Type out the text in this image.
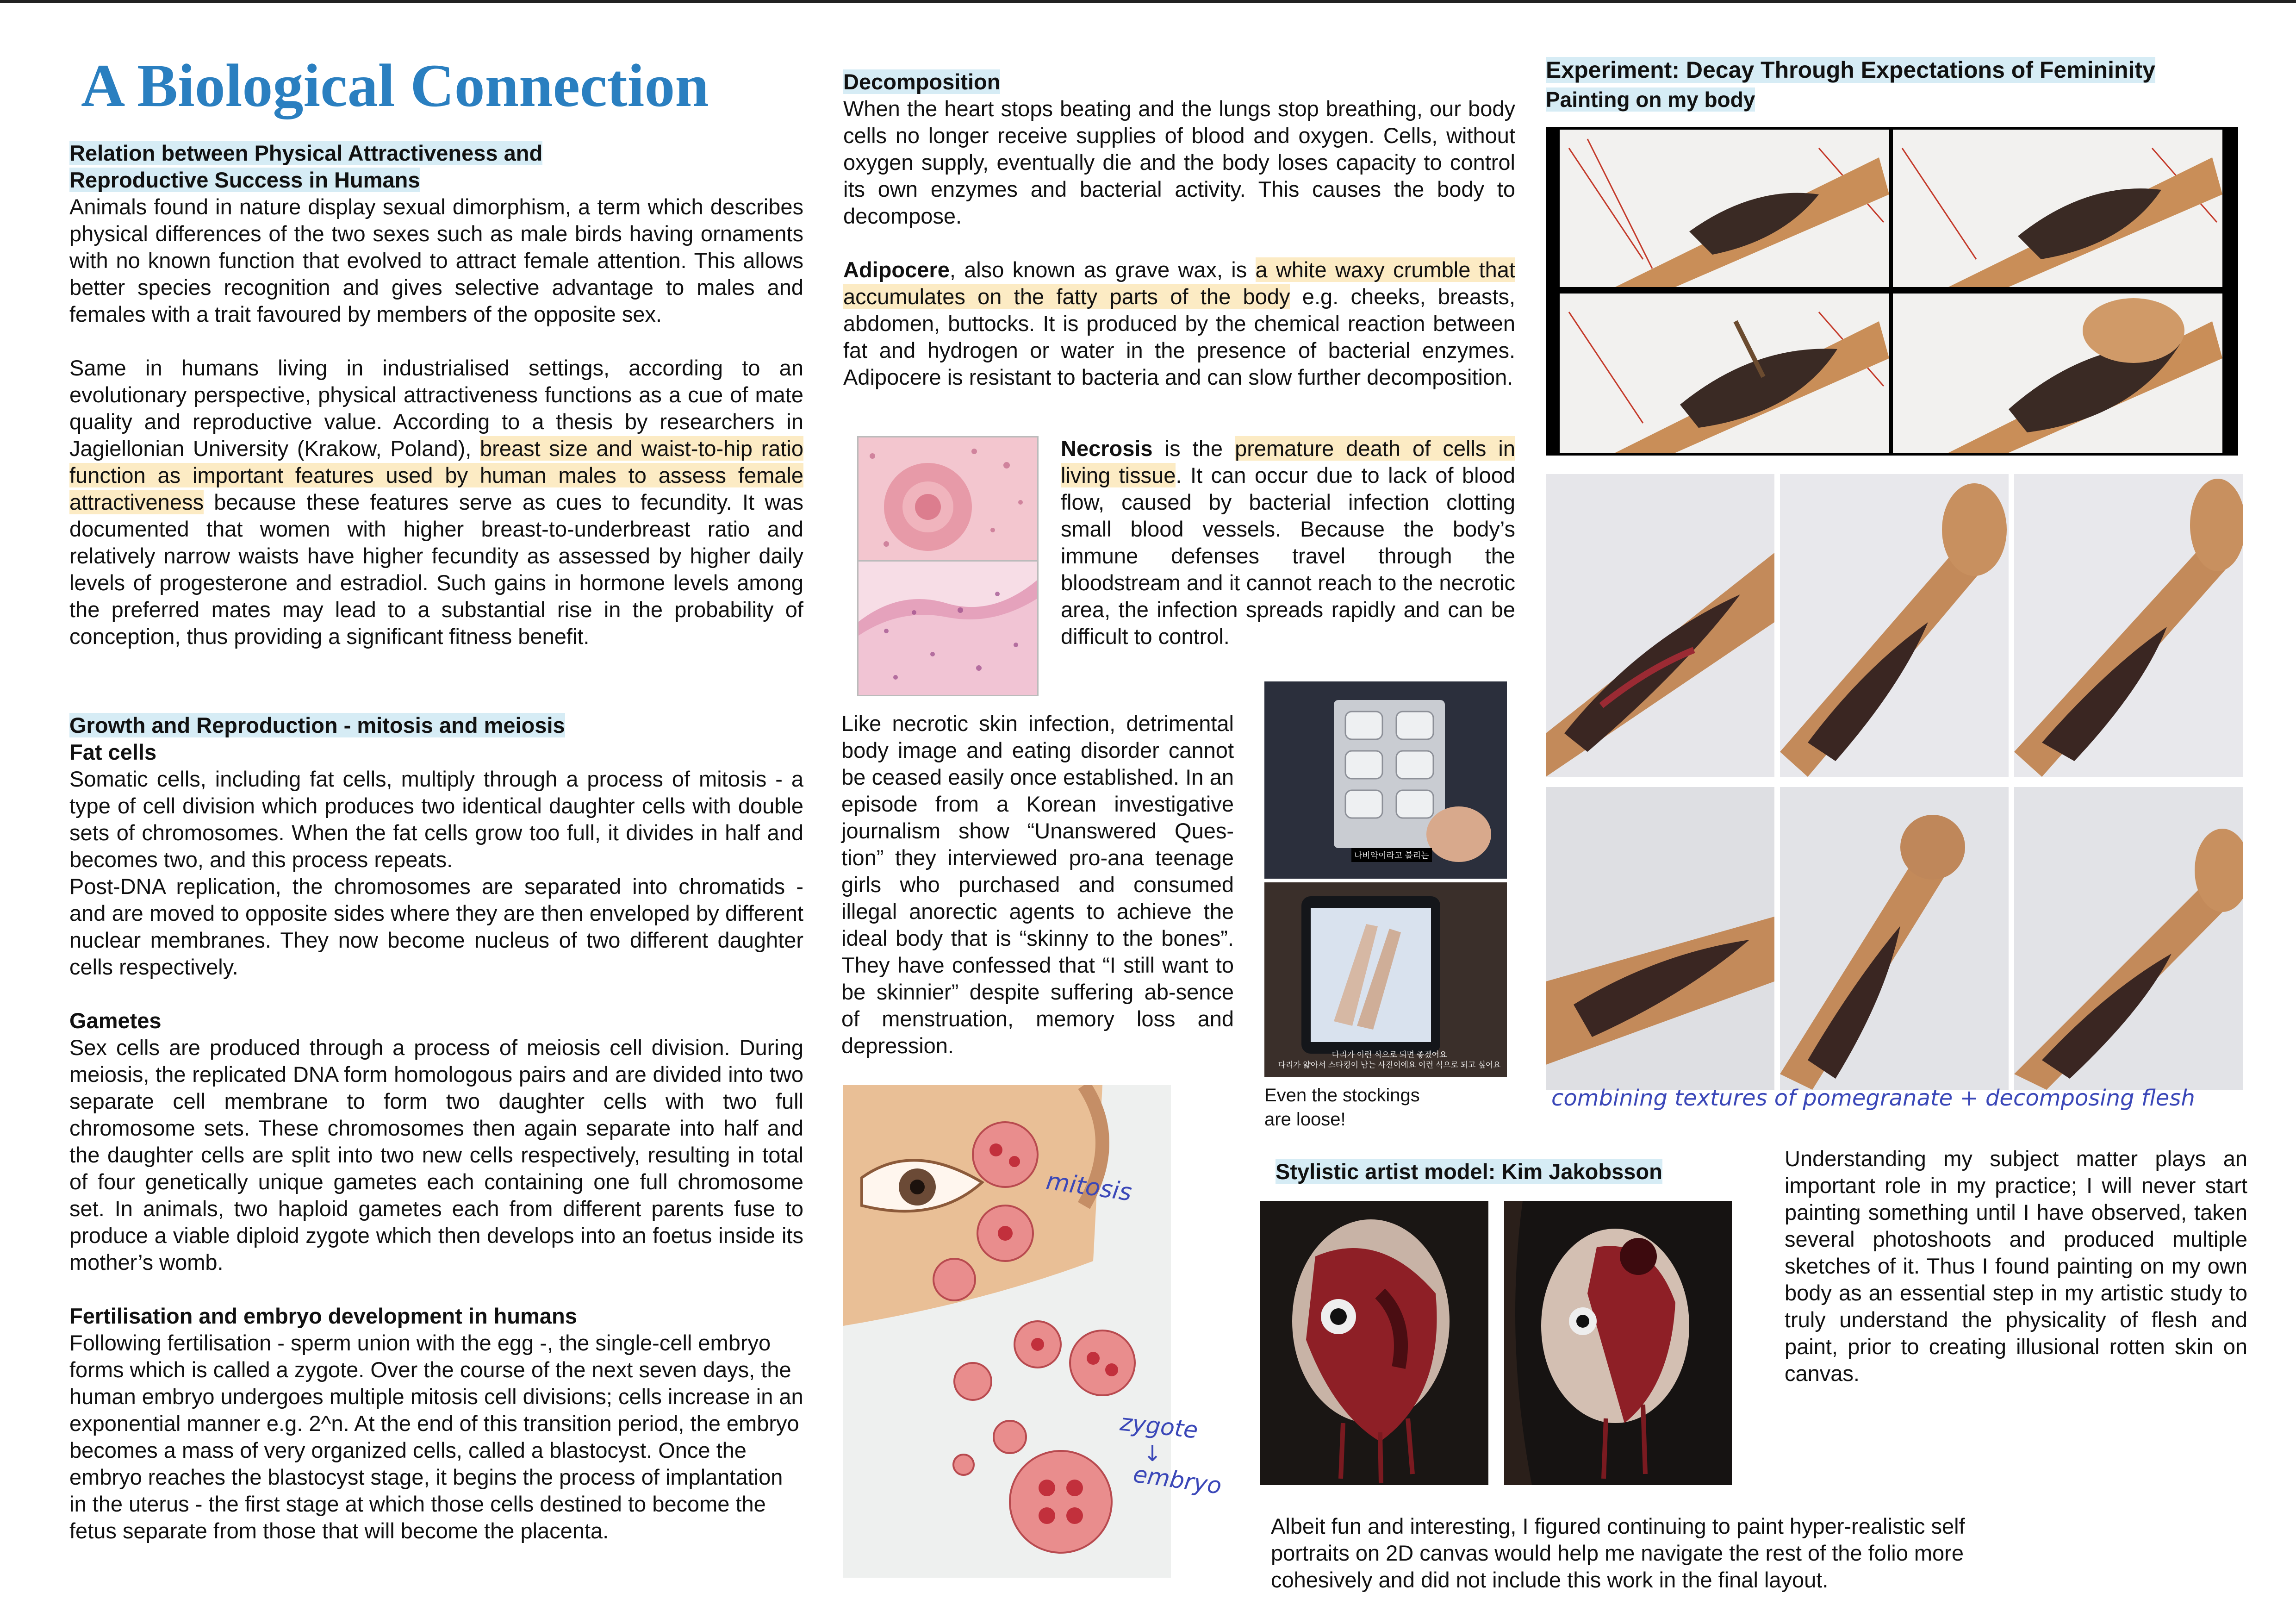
A Biological Connection
Relation between Physical Attractiveness and
Reproductive Success in Humans

Animals found in nature display sexual dimorphism, a term which describes physical differences of the two sexes such as male birds having ornaments with no known function that evolved to attract female attention. This allows better species recognition and gives selective advantage to males and females with a trait favoured by members of the opposite sex.

Same in humans living in industrialised settings, according to an evolutionary perspective, physical attractiveness functions as a cue of mate quality and reproductive value. According to a thesis by researchers in Jagiellonian University (Krakow, Poland), breast size and waist-to-hip ratio function as important features used by human males to assess female attractiveness because these features serve as cues to fecundity. It was documented that women with higher breast-to-underbreast ratio and relatively narrow waists have higher fecundity as assessed by higher daily levels of progesterone and estradiol. Such gains in hormone levels among the preferred mates may lead to a substantial rise in the probability of conception, thus providing a significant fitness benefit.

Growth and Reproduction - mitosis and meiosis

Fat cells

Somatic cells, including fat cells, multiply through a process of mitosis - a type of cell division which produces two identical daughter cells with double sets of chromosomes. When the fat cells grow too full, it divides in half and becomes two, and this process repeats.

Post-DNA replication, the chromosomes are separated into chromatids - and are moved to opposite sides where they are then enveloped by different nuclear membranes. They now become nucleus of two different daughter cells respectively.

Gametes

Sex cells are produced through a process of meiosis cell division. During meiosis, the replicated DNA form homologous pairs and are divided into two separate cell membrane to form two daughter cells with two full chromosome sets. These chromosomes then again separate into half and the daughter cells are split into two new cells respectively, resulting in total of four genetically unique gametes each containing one full chromosome set. In animals, two haploid gametes each from different parents fuse to produce a viable diploid zygote which then develops into an foetus inside its mother’s womb.

Fertilisation and embryo development in humans

Following fertilisation - sperm union with the egg -, the single-cell embryo forms which is called a zygote. Over the course of the next seven days, the human embryo undergoes multiple mitosis cell divisions; cells increase in an exponential manner e.g. 2^n. At the end of this transition period, the embryo becomes a mass of very organized cells, called a blastocyst. Once the embryo reaches the blastocyst stage, it begins the process of implantation in the uterus - the first stage at which those cells destined to become the fetus separate from those that will become the placenta.

Decomposition

When the heart stops beating and the lungs stop breathing, our body cells no longer receive supplies of blood and oxygen. Cells, without oxygen supply, eventually die and the body loses capacity to control its own enzymes and bacterial activity. This causes the body to decompose.

Adipocere, also known as grave wax, is a white waxy crumble that accumulates on the fatty parts of the body e.g. cheeks, breasts, abdomen, buttocks. It is produced by the chemical reaction between fat and hydrogen or water in the presence of bacterial enzymes. Adipocere is resistant to bacteria and can slow further decomposition.

Necrosis is the premature death of cells in living tissue. It can occur due to lack of blood flow, caused by bacterial infection clotting small blood vessels. Because the body’s immune defenses travel through the bloodstream and it cannot reach to the necrotic area, the infection spreads rapidly and can be difficult to control.
Like necrotic skin infection, detrimental body image and eating disorder cannot be ceased easily once established. In an episode from a Korean investigative journalism show “Unanswered Ques-tion” they interviewed pro-ana teenage girls who purchased and consumed illegal anorectic agents to achieve the ideal body that is “skinny to the bones”. They have confessed that “I still want to be skinnier” despite suffering ab-sence of menstruation, memory loss and depression.
나비약이라고 불리는
다리가 이런 식으로 되면 좋겠어요
다리가 얇아서 스타킹이 남는 사진이에요 이런 식으로 되고 싶어요
Even the stockings are loose!
mitosis
zygote
↓
embryo
Experiment: Decay Through Expectations of Femininity
Painting on my body
combining textures of pomegranate + decomposing flesh
Stylistic artist model: Kim Jakobsson
Understanding my subject matter plays an important role in my practice; I will never start painting something until I have observed, taken several photoshoots and produced multiple sketches of it. Thus I found painting on my own body as an essential step in my artistic study to truly understand the physicality of flesh and paint, prior to creating illusional rotten skin on canvas.
Albeit fun and interesting, I figured continuing to paint hyper-realistic self portraits on 2D canvas would help me navigate the rest of the folio more cohesively and did not include this work in the final layout.
